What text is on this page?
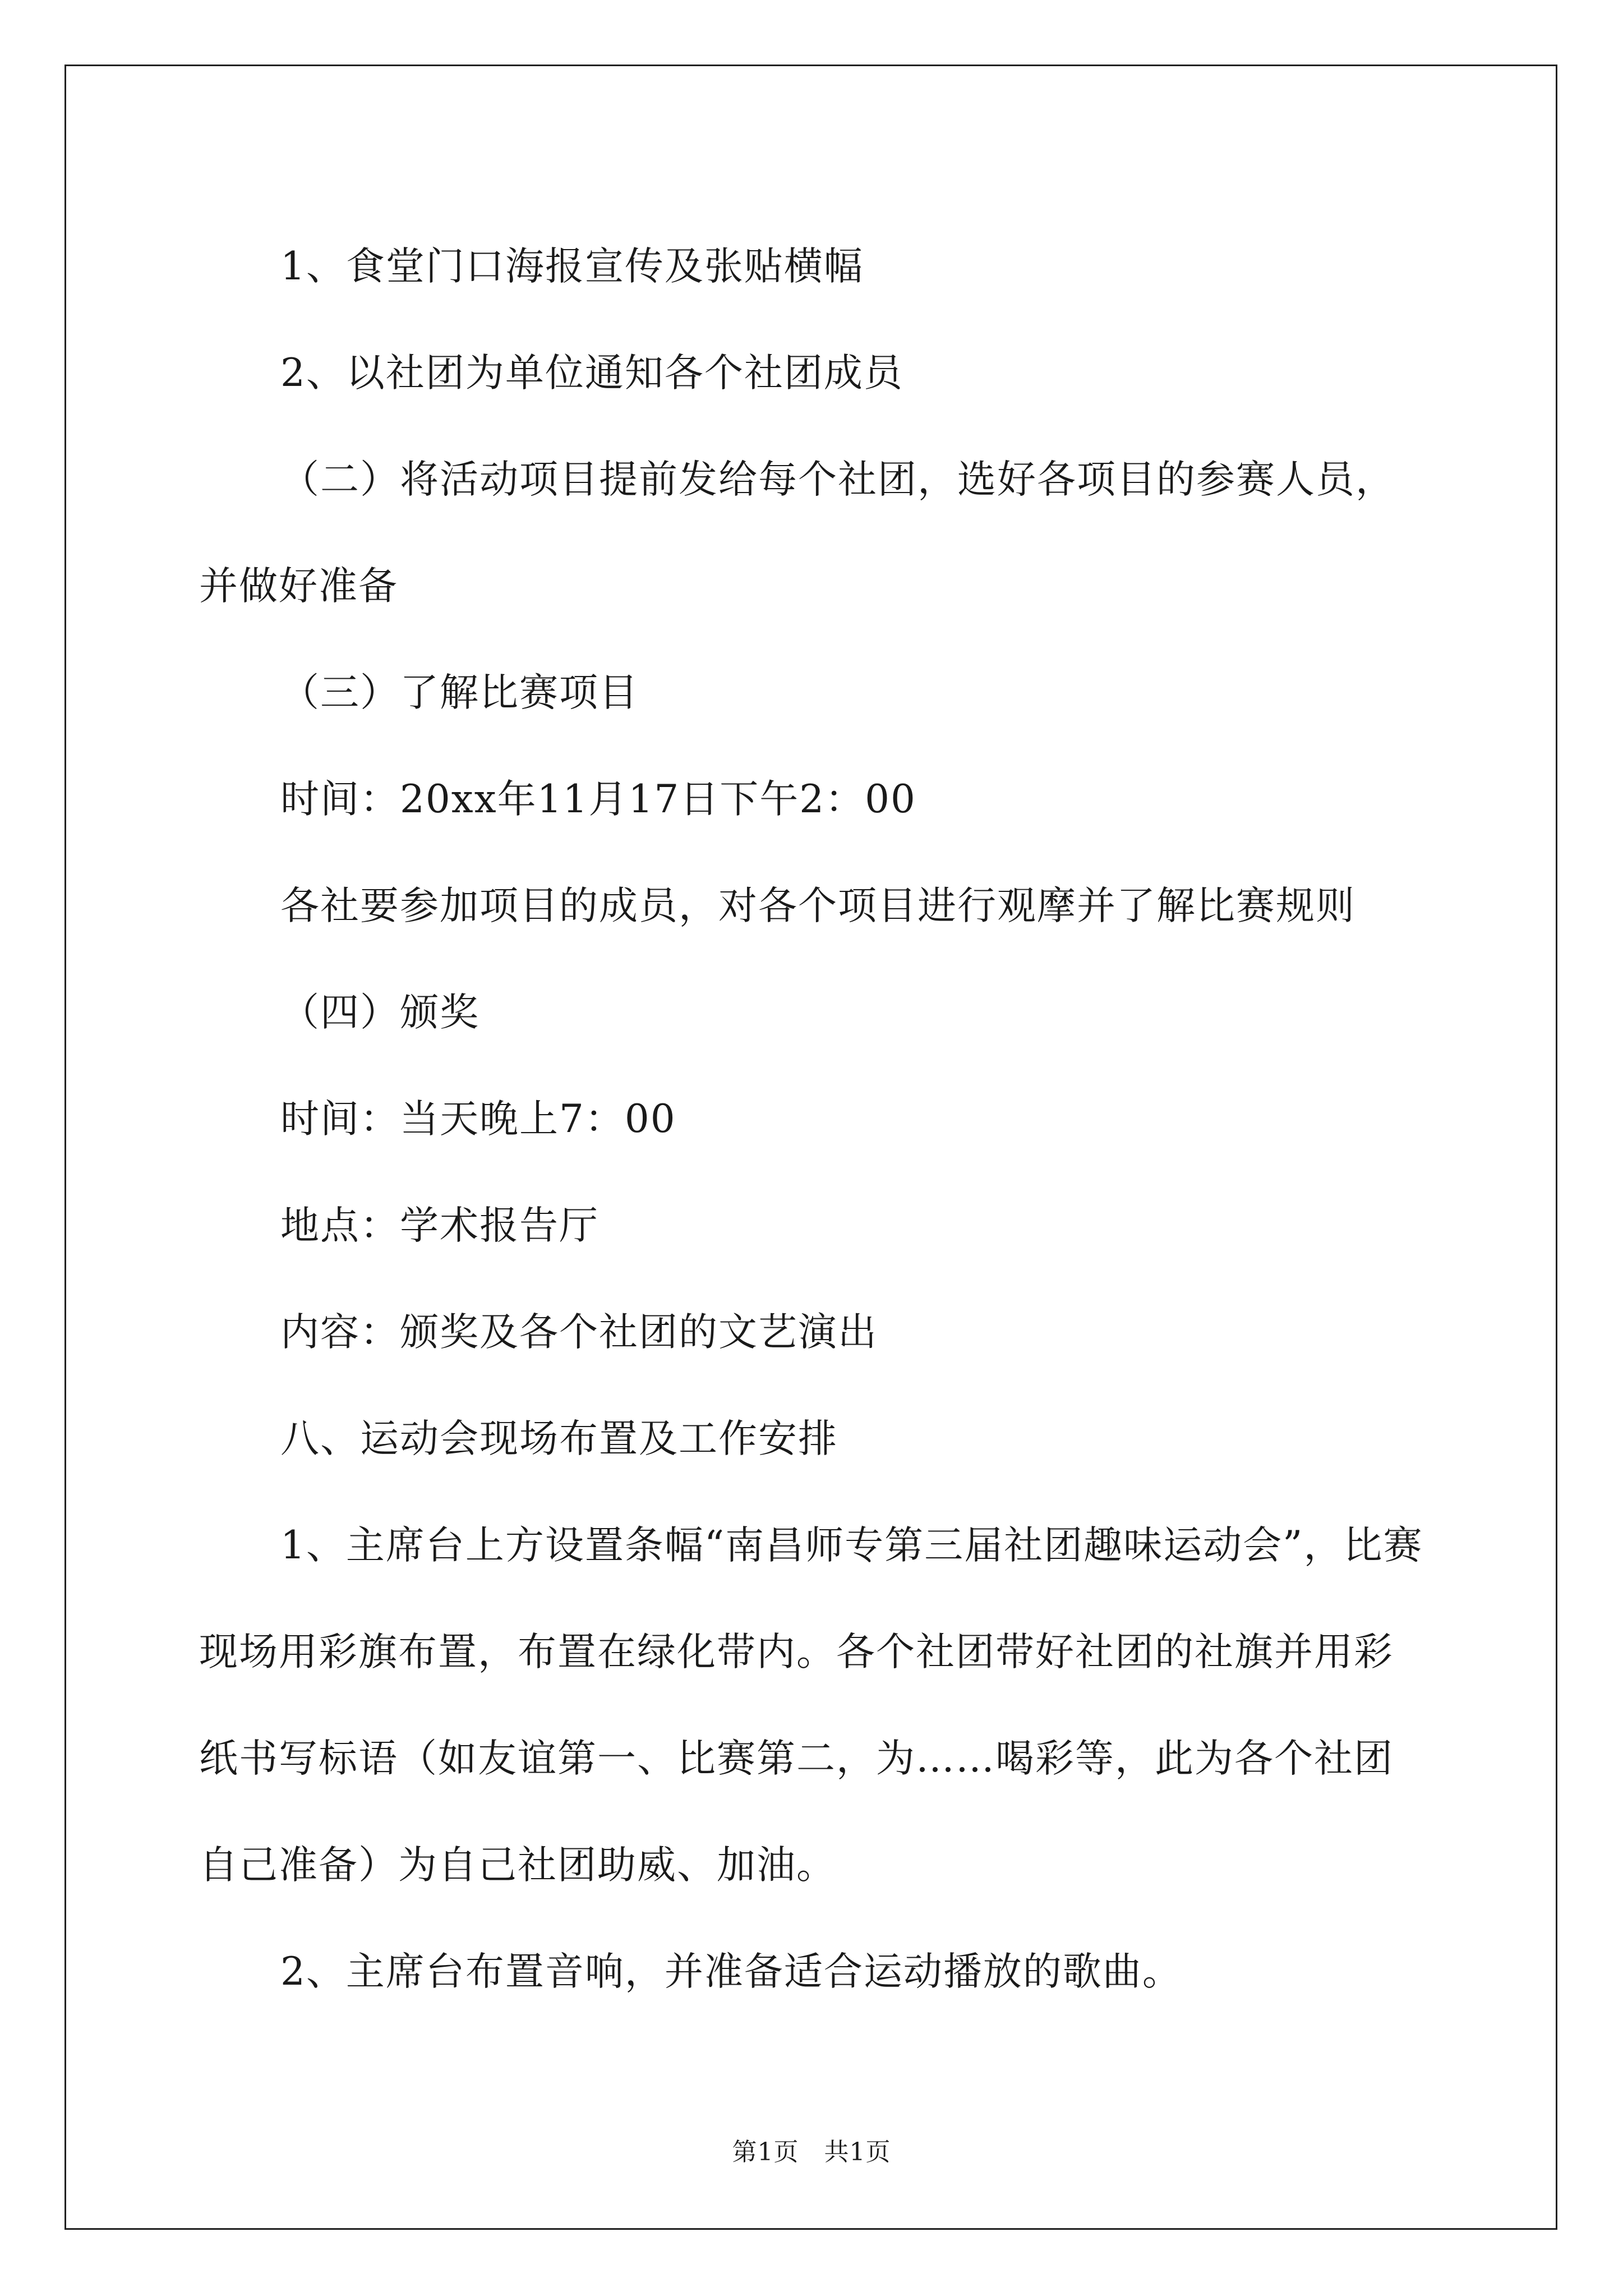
1、食堂门口海报宣传及张贴横幅

2、以社团为单位通知各个社团成员

（二）将活动项目提前发给每个社团，选好各项目的参赛人员，并做好准备

（三）了解比赛项目

时间：20xx年11月17日下午2：00

各社要参加项目的成员，对各个项目进行观摩并了解比赛规则

（四）颁奖

时间：当天晚上7：00

地点：学术报告厅

内容：颁奖及各个社团的文艺演出

八、运动会现场布置及工作安排

1、主席台上方设置条幅“南昌师专第三届社团趣味运动会”，比赛现场用彩旗布置，布置在绿化带内。各个社团带好社团的社旗并用彩纸书写标语（如友谊第一、比赛第二，为……喝彩等，此为各个社团自己准备）为自己社团助威、加油。

2、主席台布置音响，并准备适合运动播放的歌曲。

第1页　共1页
